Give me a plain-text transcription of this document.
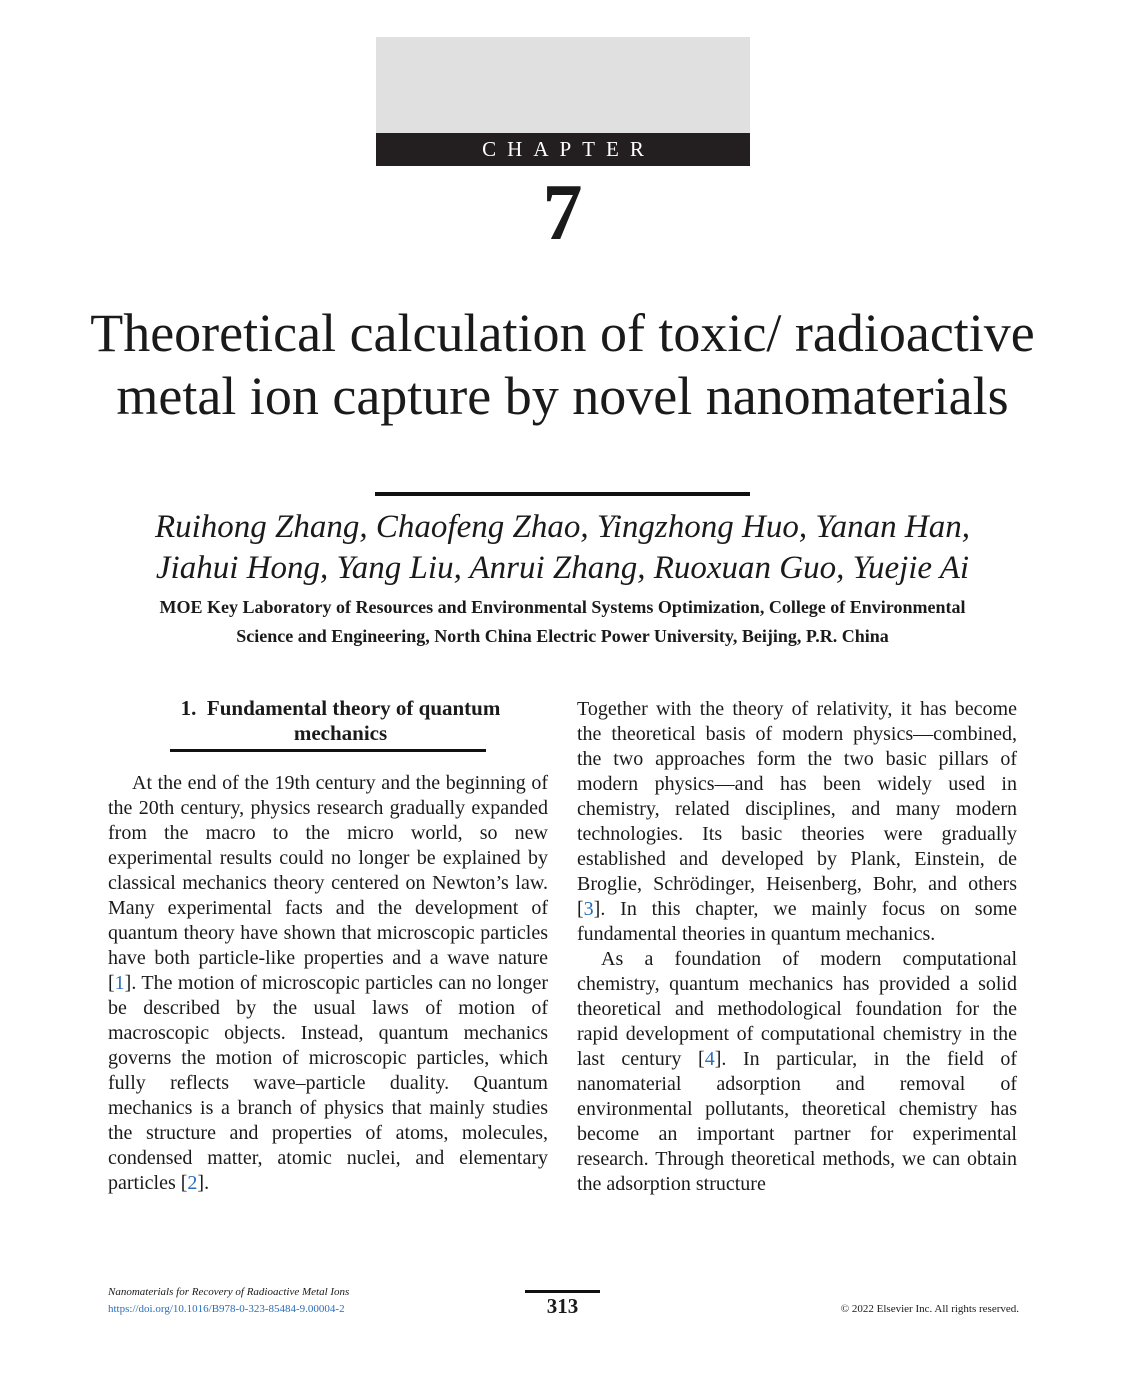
CHAPTER
7
Theoretical calculation of toxic/ radioactive metal ion capture by novel nanomaterials
Ruihong Zhang, Chaofeng Zhao, Yingzhong Huo, Yanan Han,
Jiahui Hong, Yang Liu, Anrui Zhang, Ruoxuan Guo, Yuejie Ai
MOE Key Laboratory of Resources and Environmental Systems Optimization, College of Environmental
Science and Engineering, North China Electric Power University, Beijing, P.R. China
1. Fundamental theory of quantum
mechanics

At the end of the 19th century and the beginning of the 20th century, physics research gradually expanded from the macro to the micro world, so new experimental results could no longer be explained by classical mechanics theory centered on Newton’s law. Many experimental facts and the development of quantum theory have shown that microscopic particles have both particle-like properties and a wave nature [1]. The motion of microscopic particles can no longer be described by the usual laws of motion of macroscopic objects. Instead, quantum mechanics governs the motion of microscopic particles, which fully reflects wave‒particle duality. Quantum mechanics is a branch of physics that mainly studies the structure and properties of atoms, molecules, condensed matter, atomic nuclei, and elementary particles [2].

Together with the theory of relativity, it has become the theoretical basis of modern physics—combined, the two approaches form the two basic pillars of modern physics—and has been widely used in chemistry, related disciplines, and many modern technologies. Its basic theories were gradually established and developed by Plank, Einstein, de Broglie, Schrödinger, Heisenberg, Bohr, and others [3]. In this chapter, we mainly focus on some fundamental theories in quantum mechanics.

As a foundation of modern computational chemistry, quantum mechanics has provided a solid theoretical and methodological foundation for the rapid development of computational chemistry in the last century [4]. In particular, in the field of nanomaterial adsorption and removal of environmental pollutants, theoretical chemistry has become an important partner for experimental research. Through theoretical methods, we can obtain the adsorption structure

Nanomaterials for Recovery of Radioactive Metal Ions
https://doi.org/10.1016/B978-0-323-85484-9.00004-2	313	© 2022 Elsevier Inc. All rights reserved.
